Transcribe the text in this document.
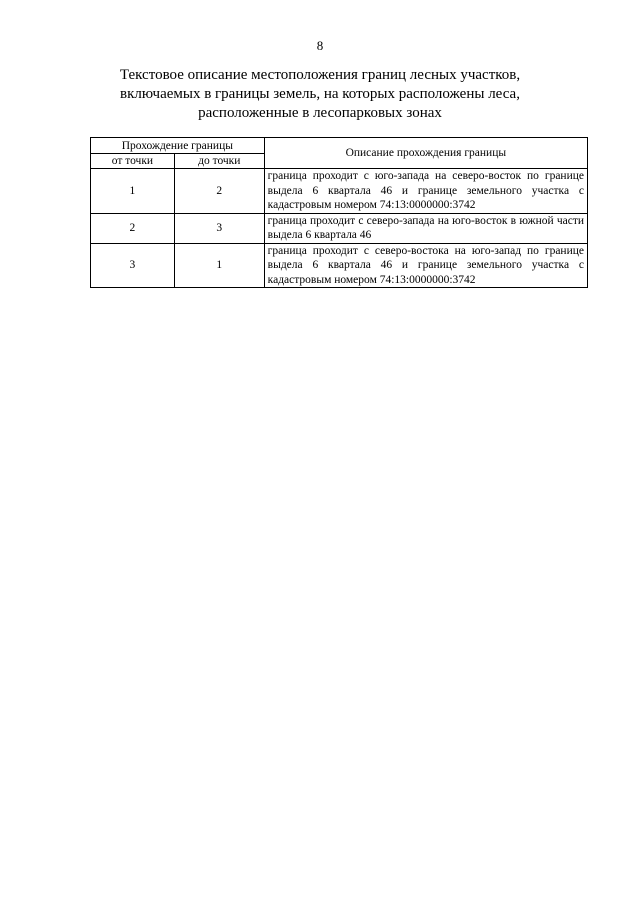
8
Текстовое описание местоположения границ лесных участков,
включаемых в границы земель, на которых расположены леса,
расположенные в лесопарковых зонах
Прохождение границы		Описание прохождения границы
от точки	до точки	
1	2	граница проходит с юго-запада на северо-восток по границе выдела 6 квартала 46 и границе земельного участка с кадастровым номером 74:13:0000000:3742
2	3	граница проходит с северо-запада на юго-восток в южной части выдела 6 квартала 46
3	1	граница проходит с северо-востока на юго-запад по границе выдела 6 квартала 46 и границе земельного участка с кадастровым номером 74:13:0000000:3742
